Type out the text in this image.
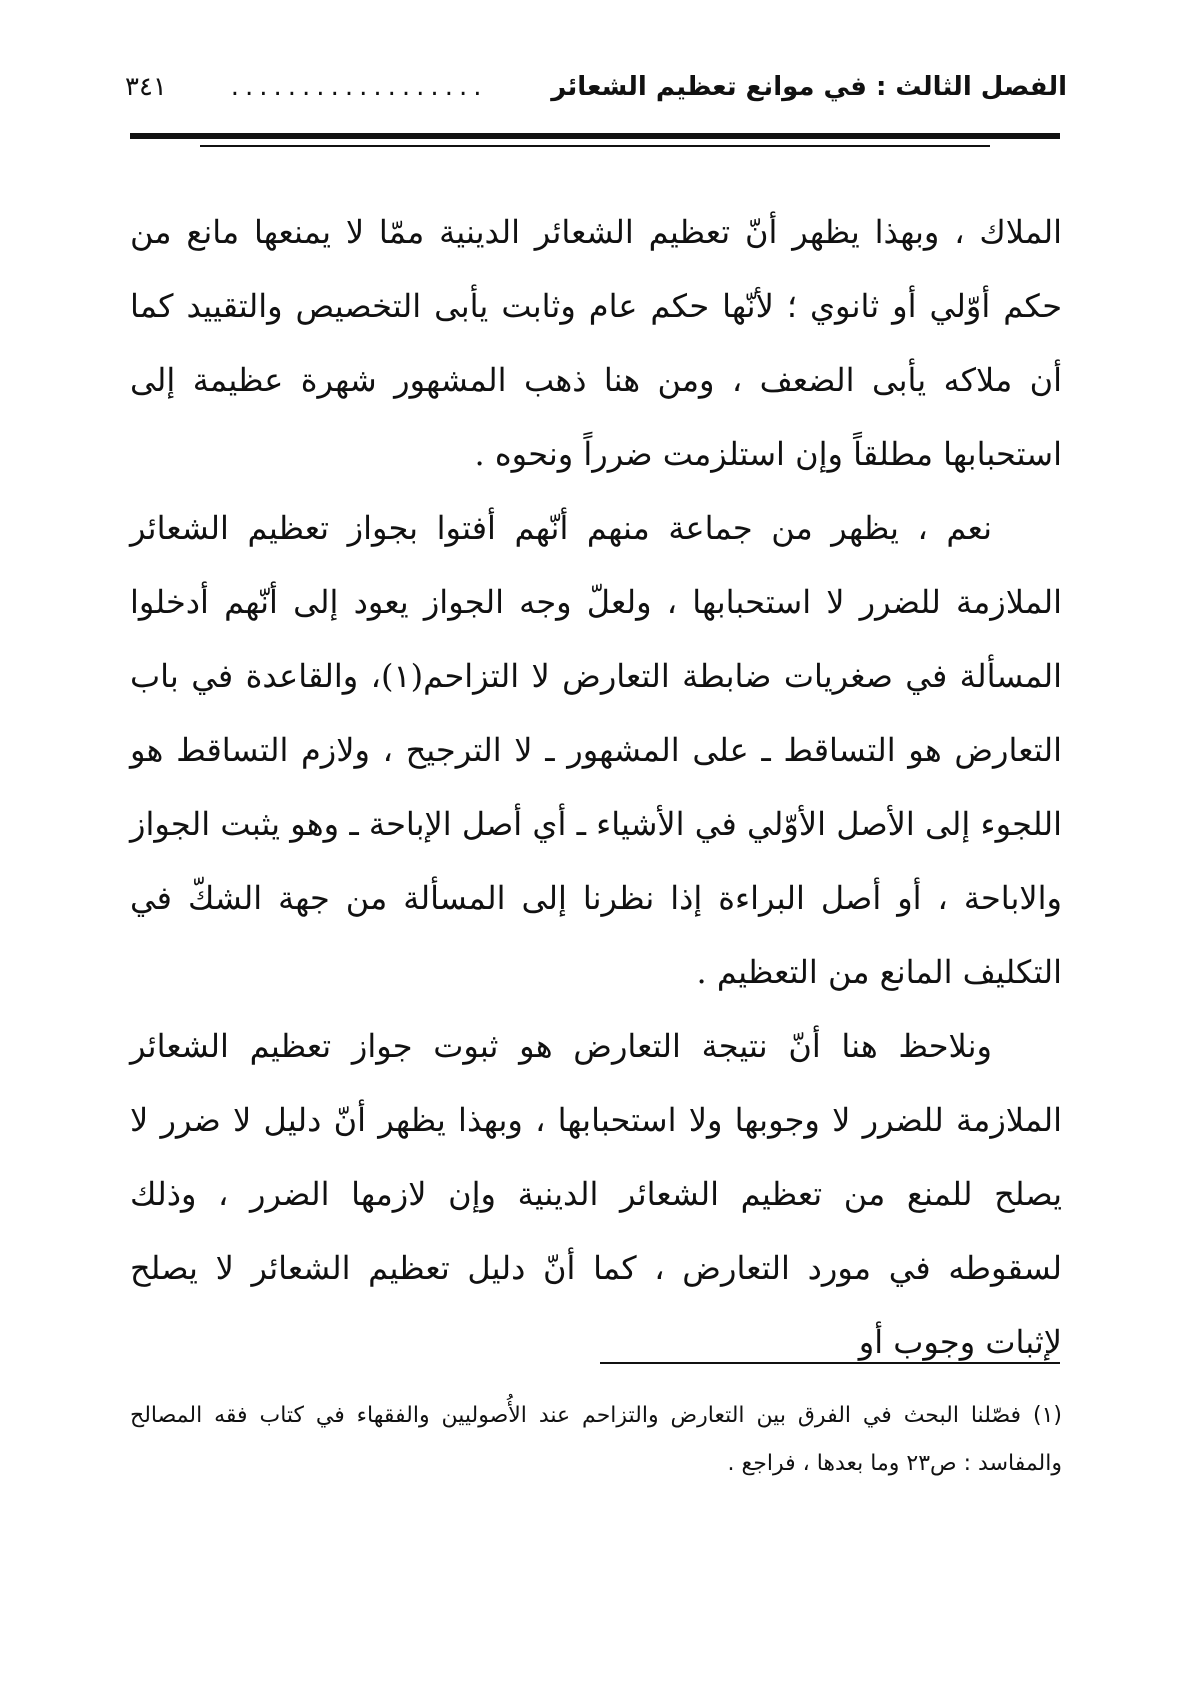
الفصل الثالث : في موانع تعظيم الشعائر
..................
٣٤١

الملاك ، وبهذا يظهر أنّ تعظيم الشعائر الدينية ممّا لا يمنعها مانع من حكم أوّلي أو ثانوي ؛ لأنّها حكم عام وثابت يأبى التخصيص والتقييد كما أن ملاكه يأبى الضعف ، ومن هنا ذهب المشهور شهرة عظيمة إلى استحبابها مطلقاً وإن استلزمت ضرراً ونحوه .

نعم ، يظهر من جماعة منهم أنّهم أفتوا بجواز تعظيم الشعائر الملازمة للضرر لا استحبابها ، ولعلّ وجه الجواز يعود إلى أنّهم أدخلوا المسألة في صغريات ضابطة التعارض لا التزاحم(١)، والقاعدة في باب التعارض هو التساقط ـ على المشهور ـ لا الترجيح ، ولازم التساقط هو اللجوء إلى الأصل الأوّلي في الأشياء ـ أي أصل الإباحة ـ وهو يثبت الجواز والاباحة ، أو أصل البراءة إذا نظرنا إلى المسألة من جهة الشكّ في التكليف المانع من التعظيم .

ونلاحظ هنا أنّ نتيجة التعارض هو ثبوت جواز تعظيم الشعائر الملازمة للضرر لا وجوبها ولا استحبابها ، وبهذا يظهر أنّ دليل لا ضرر لا يصلح للمنع من تعظيم الشعائر الدينية وإن لازمها الضرر ، وذلك لسقوطه في مورد التعارض ، كما أنّ دليل تعظيم الشعائر لا يصلح لإثبات وجوب أو

(١) فصّلنا البحث في الفرق بين التعارض والتزاحم عند الأُصوليين والفقهاء في كتاب فقه المصالح والمفاسد : ص٢٣ وما بعدها ، فراجع .
